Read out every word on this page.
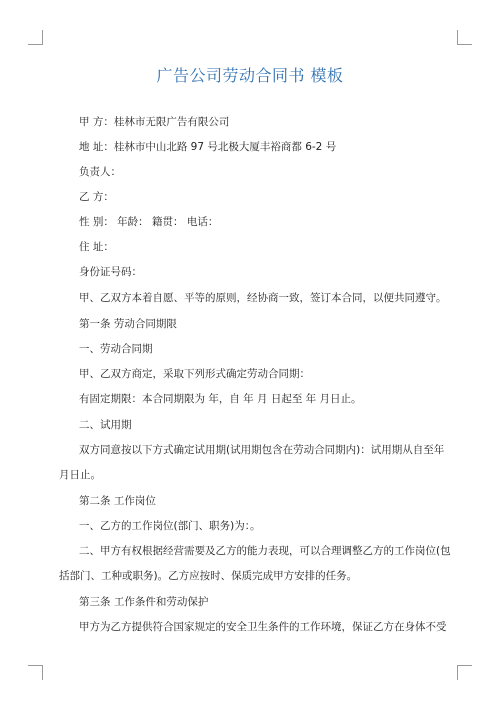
广告公司劳动合同书 模板
甲 方：桂林市无限广告有限公司
地 址：桂林市中山北路 97 号北极大厦丰裕商都 6-2 号
负责人：
乙 方：
性 别： 年龄： 籍贯： 电话：
住 址：
身份证号码：
甲、乙双方本着自愿、平等的原则，经协商一致，签订本合同，以便共同遵守。
第一条 劳动合同期限
一、劳动合同期
甲、乙双方商定，采取下列形式确定劳动合同期：
有固定期限：本合同期限为 年，自 年 月 日起至 年 月日止。
二、试用期
双方同意按以下方式确定试用期(试用期包含在劳动合同期内)：试用期从自至年
月日止。
第二条 工作岗位
一、乙方的工作岗位(部门、职务)为：。
二、甲方有权根据经营需要及乙方的能力表现，可以合理调整乙方的工作岗位(包
括部门、工种或职务)。乙方应按时、保质完成甲方安排的任务。
第三条 工作条件和劳动保护
甲方为乙方提供符合国家规定的安全卫生条件的工作环境，保证乙方在身体不受
